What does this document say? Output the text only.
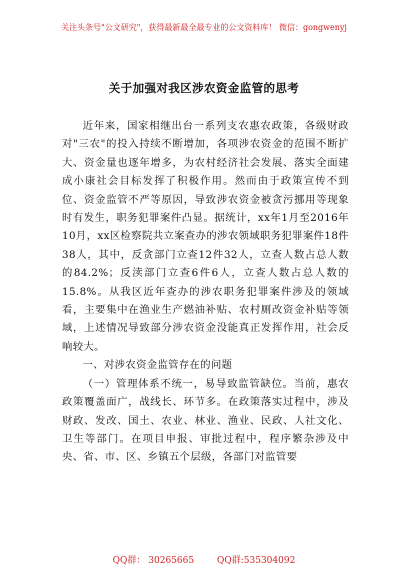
关注头条号"公文研究"，获得最新最全最专业的公文资料库！ 微信：gongwenyj
关于加强对我区涉农资金监管的思考

近年来，国家相继出台一系列支农惠农政策，各级财政对"三农"的投入持续不断增加，各项涉农资金的范围不断扩大、资金量也逐年增多，为农村经济社会发展、落实全面建成小康社会目标发挥了积极作用。然而由于政策宣传不到位、资金监管不严等原因，导致涉农资金被贪污挪用等现象时有发生，职务犯罪案件凸显。据统计，xx年1月至2016年10月，xx区检察院共立案查办的涉农领域职务犯罪案件18件38人，其中，反贪部门立查12件32人，立查人数占总人数的84.2%；反渎部门立查6件6人，立查人数占总人数的15.8%。从我区近年查办的涉农职务犯罪案件涉及的领域看，主要集中在渔业生产燃油补贴、农村厕改资金补贴等领域，上述情况导致部分涉农资金没能真正发挥作用，社会反响较大。

一、对涉农资金监管存在的问题

（一）管理体系不统一，易导致监管缺位。当前，惠农政策覆盖面广，战线长、环节多。在政策落实过程中，涉及财政、发改、国土、农业、林业、渔业、民政、人社文化、卫生等部门。在项目申报、审批过程中，程序繁杂涉及中央、省、市、区、乡镇五个层级，各部门对监管要

QQ群： 30265665        QQ群:535304092
